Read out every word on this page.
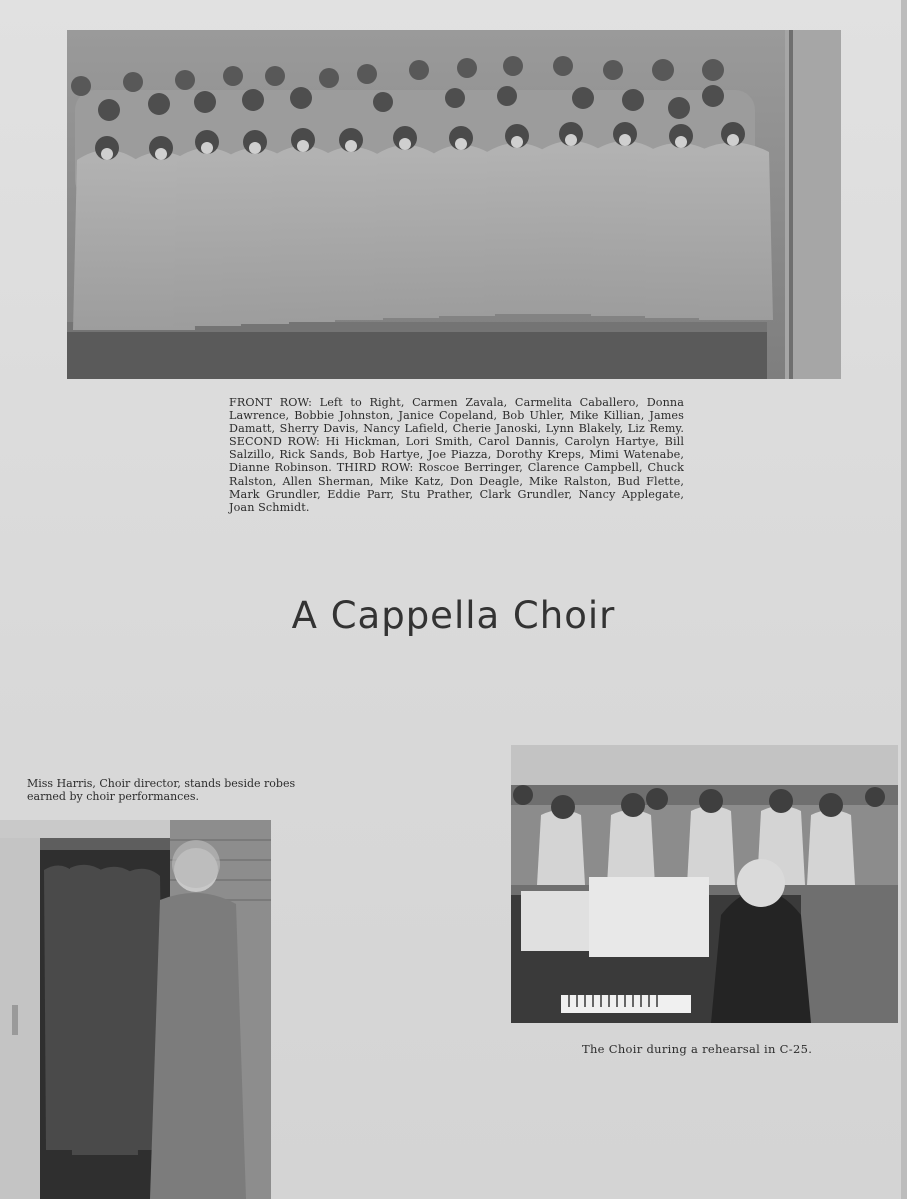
FRONT ROW: Left to Right, Carmen Zavala, Carmelita Caballero, Donna Lawrence, Bobbie Johnston, Janice Copeland, Bob Uhler, Mike Killian, James Damatt, Sherry Davis, Nancy Lafield, Cherie Janoski, Lynn Blakely, Liz Remy. SECOND ROW: Hi Hickman, Lori Smith, Carol Dannis, Carolyn Hartye, Bill Salzillo, Rick Sands, Bob Hartye, Joe Piazza, Dorothy Kreps, Mimi Watenabe, Dianne Robinson. THIRD ROW: Roscoe Berringer, Clarence Campbell, Chuck Ralston, Allen Sherman, Mike Katz, Don Deagle, Mike Ralston, Bud Flette, Mark Grundler, Eddie Parr, Stu Prather, Clark Grundler, Nancy Applegate, Joan Schmidt.
A Cappella Choir
Miss Harris, Choir director, stands beside robes earned by choir performances.
The Choir during a rehearsal in C-25.
